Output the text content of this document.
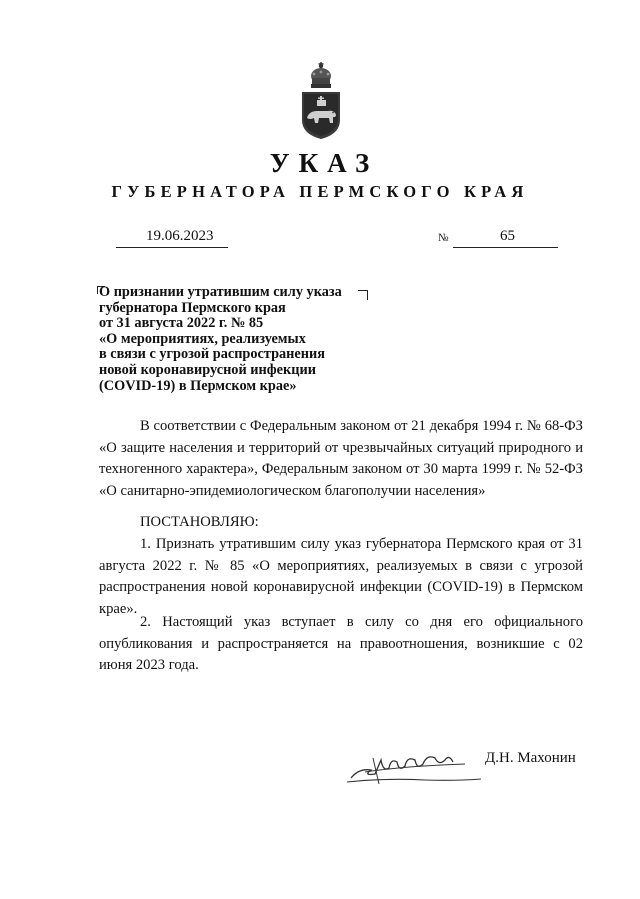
УКАЗ
ГУБЕРНАТОРА ПЕРМСКОГО КРАЯ
19.06.2023	№	65
О признании утратившим силу указа
губернатора Пермского края
от 31 августа 2022 г. № 85
«О мероприятиях, реализуемых
в связи с угрозой распространения
новой коронавирусной инфекции
(COVID-19) в Пермском крае»

В соответствии с Федеральным законом от 21 декабря 1994 г. № 68-ФЗ «О защите населения и территорий от чрезвычайных ситуаций природного и техногенного характера», Федеральным законом от 30 марта 1999 г. № 52-ФЗ «О санитарно-эпидемиологическом благополучии населения»

ПОСТАНОВЛЯЮ:

1. Признать утратившим силу указ губернатора Пермского края от 31 августа 2022 г. № 85 «О мероприятиях, реализуемых в связи с угрозой распространения новой коронавирусной инфекции (COVID-19) в Пермском крае».

2. Настоящий указ вступает в силу со дня его официального опубликования и распространяется на правоотношения, возникшие с 02 июня 2023 года.

Д.Н. Махонин
